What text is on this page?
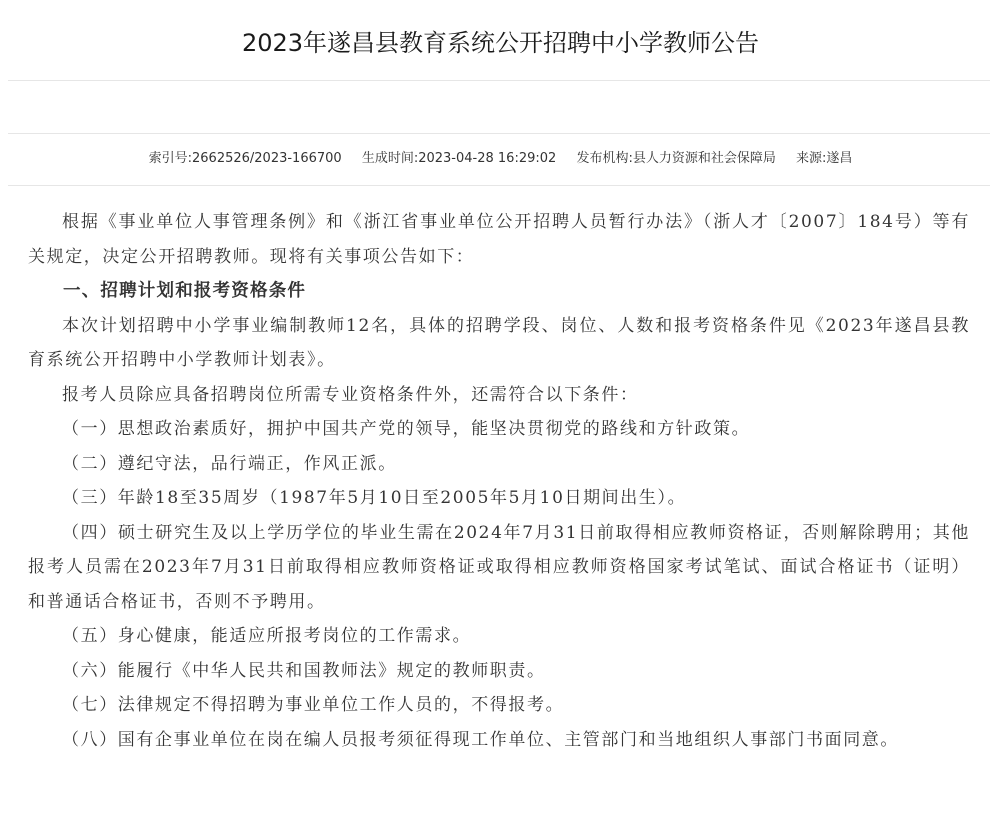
2023年遂昌县教育系统公开招聘中小学教师公告
索引号:2662526/2023-166700 生成时间:2023-04-28 16:29:02 发布机构:县人力资源和社会保障局 来源:遂昌

根据《事业单位人事管理条例》和《浙江省事业单位公开招聘人员暂行办法》（浙人才〔2007〕184号）等有关规定，决定公开招聘教师。现将有关事项公告如下：

一、招聘计划和报考资格条件

本次计划招聘中小学事业编制教师12名，具体的招聘学段、岗位、人数和报考资格条件见《2023年遂昌县教育系统公开招聘中小学教师计划表》。

报考人员除应具备招聘岗位所需专业资格条件外，还需符合以下条件：

（一）思想政治素质好，拥护中国共产党的领导，能坚决贯彻党的路线和方针政策。

（二）遵纪守法，品行端正，作风正派。

（三）年龄18至35周岁（1987年5月10日至2005年5月10日期间出生）。

（四）硕士研究生及以上学历学位的毕业生需在2024年7月31日前取得相应教师资格证，否则解除聘用；其他报考人员需在2023年7月31日前取得相应教师资格证或取得相应教师资格国家考试笔试、面试合格证书（证明）和普通话合格证书，否则不予聘用。

（五）身心健康，能适应所报考岗位的工作需求。

（六）能履行《中华人民共和国教师法》规定的教师职责。

（七）法律规定不得招聘为事业单位工作人员的，不得报考。

（八）国有企事业单位在岗在编人员报考须征得现工作单位、主管部门和当地组织人事部门书面同意。
